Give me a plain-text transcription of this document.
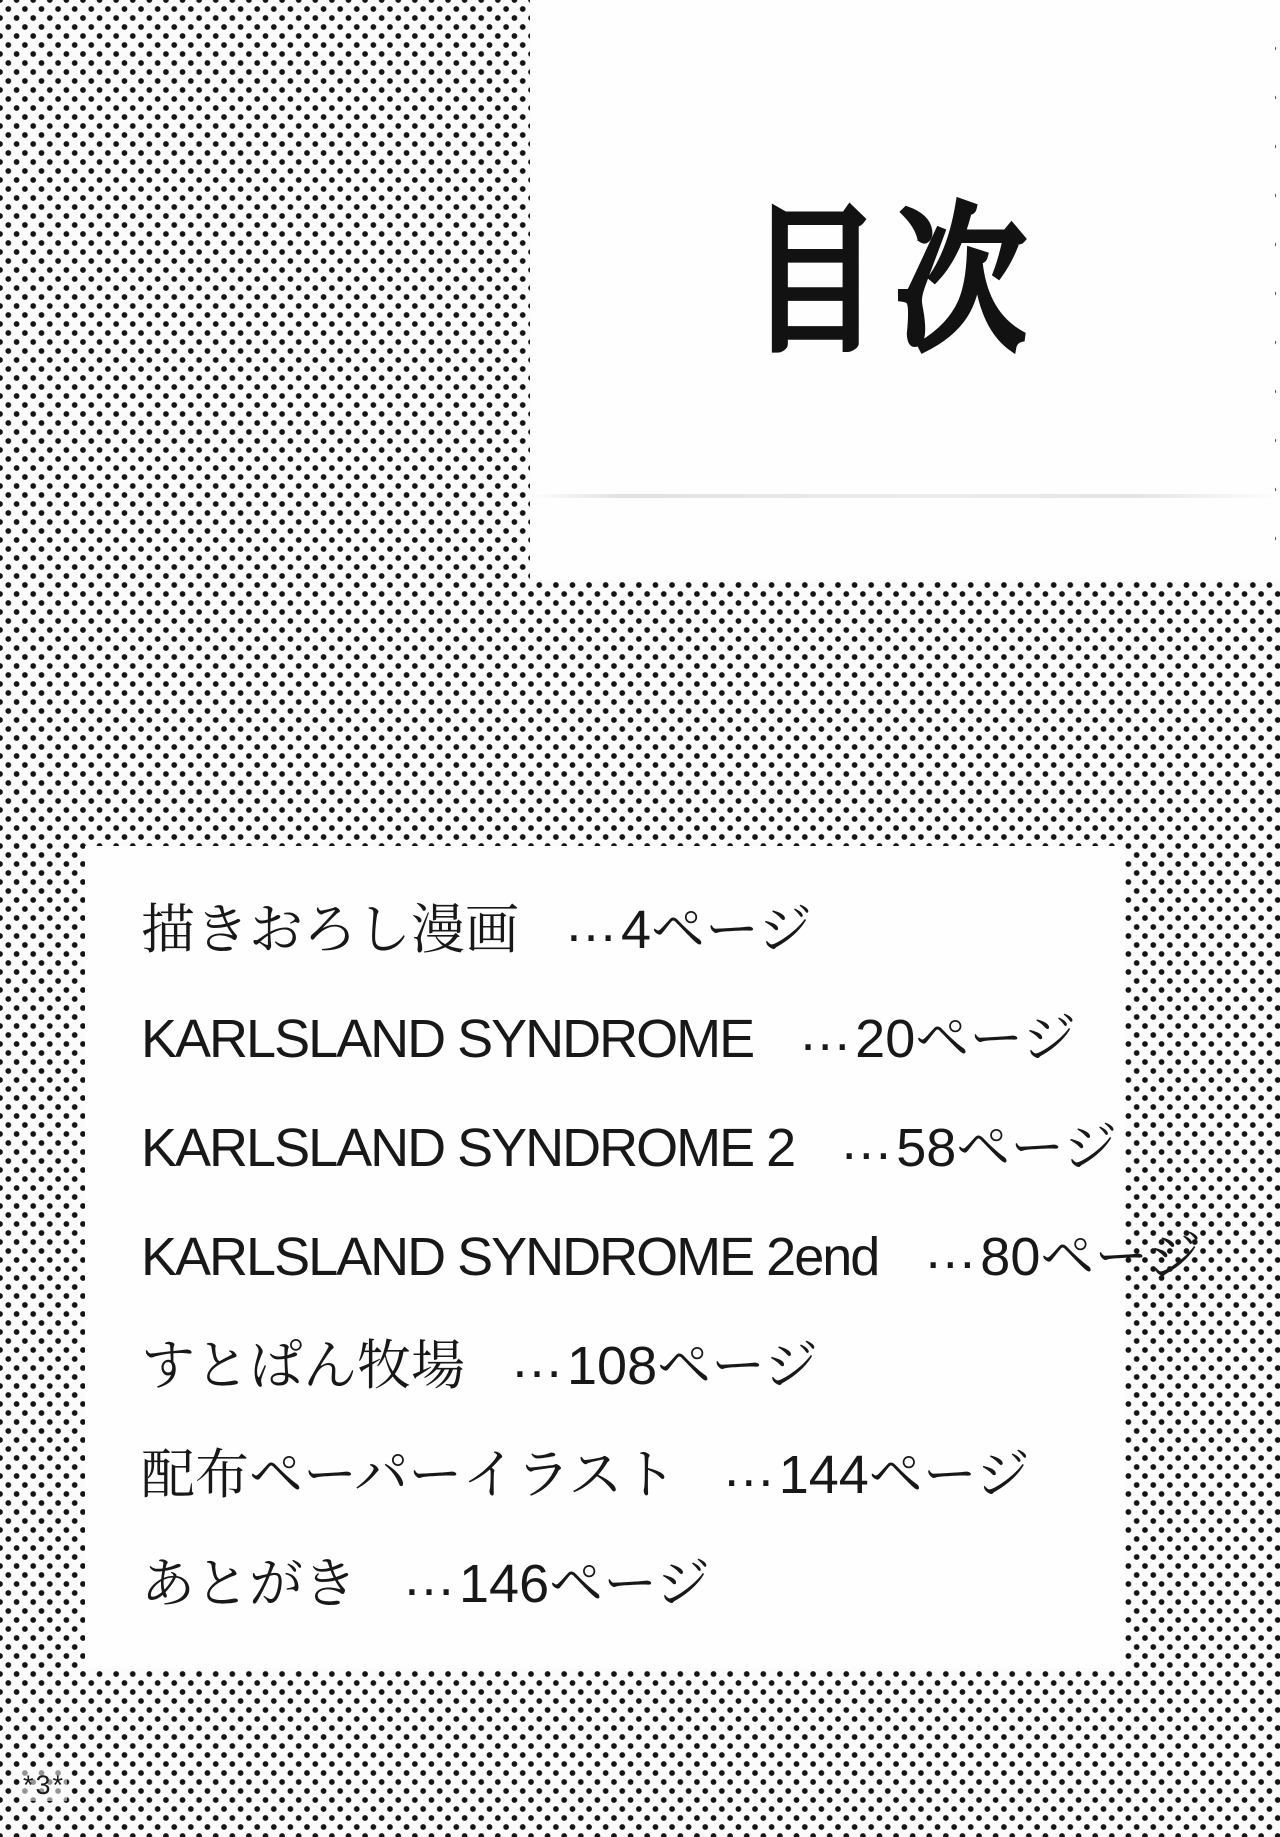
目次
描きおろし漫画 …4ページ
KARLSLAND SYNDROME …20ページ
KARLSLAND SYNDROME 2 …58ページ
KARLSLAND SYNDROME 2end …80ページ
すとぱん牧場 …108ページ
配布ペーパーイラスト …144ページ
あとがき …146ページ
*3*
